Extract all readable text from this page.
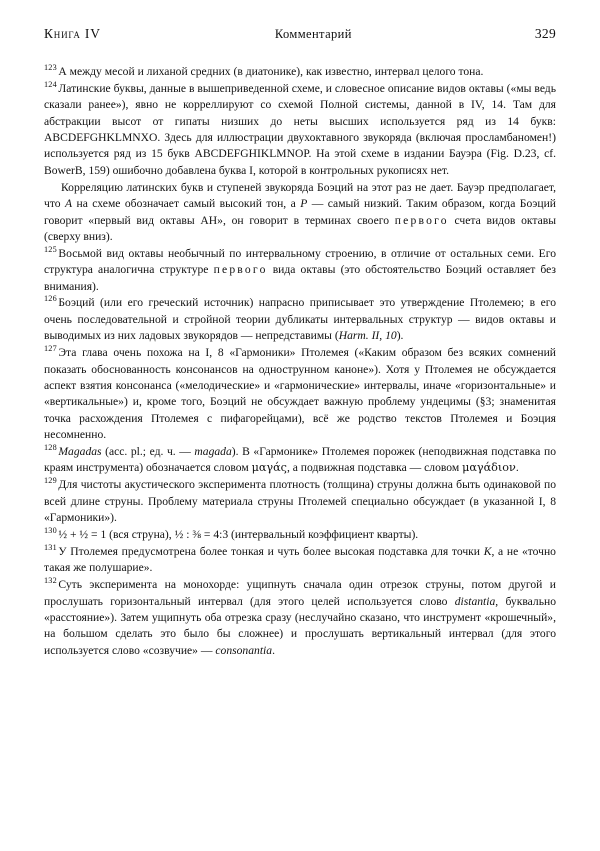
Книга IV	Комментарий	329
$^{123}$ А между месой и лиханой средних (в диатонике), как известно, интервал целого тона.
$^{124}$ Латинские буквы, данные в вышеприведенной схеме, и словесное описание видов октавы («мы ведь сказали ранее»), явно не корреллируют со схемой Полной системы, данной в IV, 14. Там для абстракции высот от гипаты низших до неты высших используется ряд из 14 букв: ABCDEFGHKLMNXO. Здесь для иллюстрации двухоктавного звукоряда (включая просламбаномен!) используется ряд из 15 букв ABCDEFGHIKLMNOP. На этой схеме в издании Бауэра (Fig. D.23, cf. BowerB, 159) ошибочно добавлена буква I, которой в контрольных рукописях нет.
Корреляцию латинских букв и ступеней звукоряда Боэций на этот раз не дает. Бауэр предполагает, что A на схеме обозначает самый высокий тон, а P — самый низкий. Таким образом, когда Боэций говорит «первый вид октавы AH», он говорит в терминах своего первого счета видов октавы (сверху вниз).
$^{125}$ Восьмой вид октавы необычный по интервальному строению, в отличие от остальных семи. Его структура аналогична структуре первого вида октавы (это обстоятельство Боэций оставляет без внимания).
$^{126}$ Боэций (или его греческий источник) напрасно приписывает это утверждение Птолемею; в его очень последовательной и стройной теории дубликаты интервальных структур — видов октавы и выводимых из них ладовых звукорядов — непредставимы (Harm. II, 10).
$^{127}$ Эта глава очень похожа на I, 8 «Гармоники» Птолемея («Каким образом без всяких сомнений показать обоснованность консонансов на однострунном каноне»). Хотя у Птолемея не обсуждается аспект взятия консонанса («мелодические» и «гармонические» интервалы, иначе «горизонтальные» и «вертикальные») и, кроме того, Боэций не обсуждает важную проблему ундецимы (§3; знаменитая точка расхождения Птолемея с пифагорейцами), всё же родство текстов Птолемея и Боэция несомненно.
$^{128}$ Magadas (асс. pl.; ед. ч. — magada). В «Гармонике» Птолемея порожек (неподвижная подставка по краям инструмента) обозначается словом μαγάς, а подвижная подставка — словом μαγάδιον.
$^{129}$ Для чистоты акустического эксперимента плотность (толщина) струны должна быть одинаковой по всей длине струны. Проблему материала струны Птолемей специально обсуждает (в указанной I, 8 «Гармоники»).
$^{130}$ ½ + ½ = 1 (вся струна), ½ : ⅜ = 4:3 (интервальный коэффициент кварты).
$^{131}$ У Птолемея предусмотрена более тонкая и чуть более высокая подставка для точки K, а не «точно такая же полушарие».
$^{132}$ Суть эксперимента на монохорде: ущипнуть сначала один отрезок струны, потом другой и прослушать горизонтальный интервал (для этого целей используется слово distantia, буквально «расстояние»). Затем ущипнуть оба отрезка сразу (неслучайно сказано, что инструмент «крошечный», на большом сделать это было бы сложнее) и прослушать вертикальный интервал (для этого используется слово «созвучие» — consonantia.
